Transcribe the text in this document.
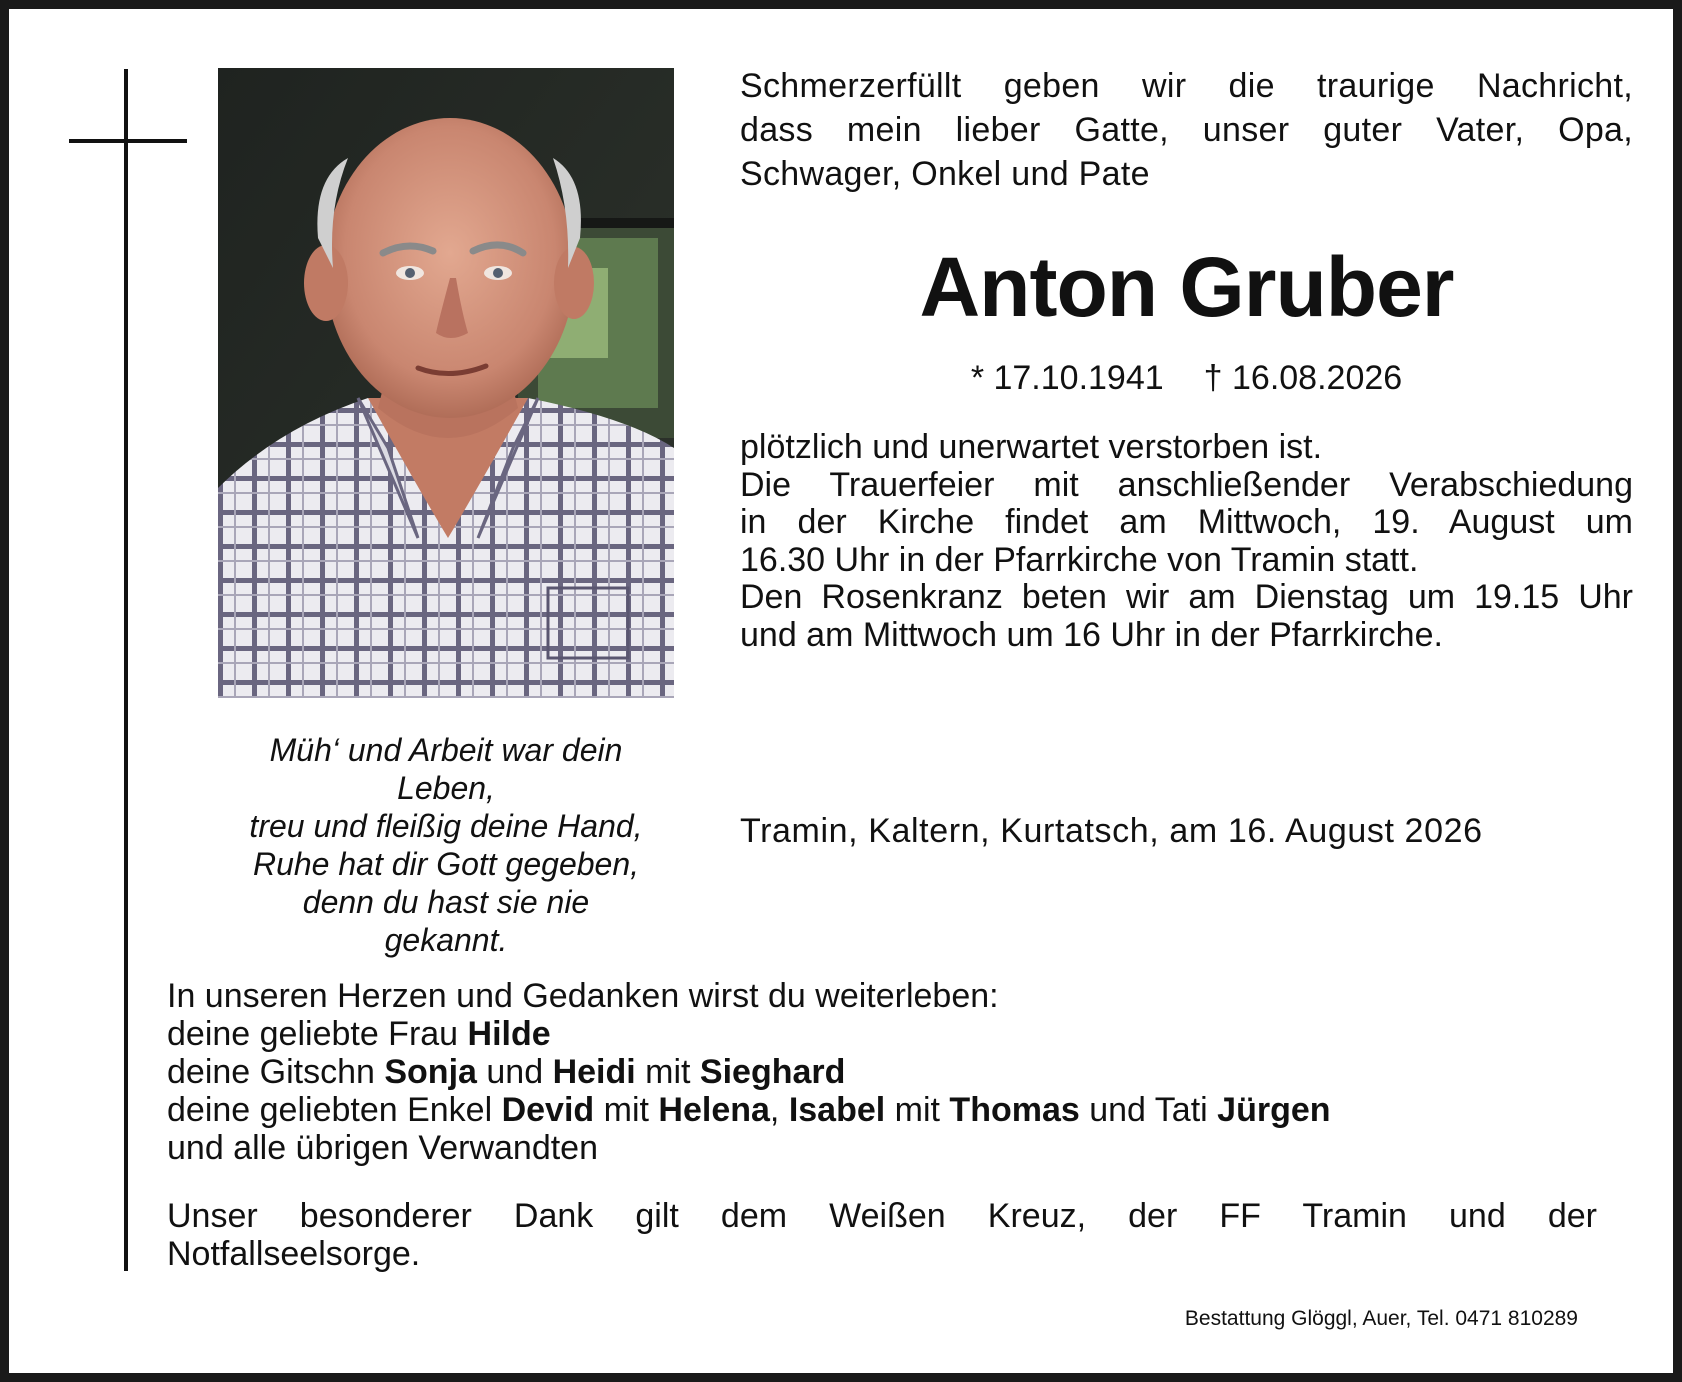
Schmerzerfüllt geben wir die traurige Nachricht,
dass mein lieber Gatte, unser guter Vater, Opa,
Schwager, Onkel und Pate
Anton Gruber
* 17.10.1941 † 16.08.2026
plötzlich und unerwartet verstorben ist.
Die Trauerfeier mit anschließender Verabschiedung
in der Kirche findet am Mittwoch, 19. August um
16.30 Uhr in der Pfarrkirche von Tramin statt.
Den Rosenkranz beten wir am Dienstag um 19.15 Uhr
und am Mittwoch um 16 Uhr in der Pfarrkirche.
Müh‘ und Arbeit war dein
Leben,
treu und fleißig deine Hand,
Ruhe hat dir Gott gegeben,
denn du hast sie nie
gekannt.
Tramin, Kaltern, Kurtatsch, am 16. August 2026
In unseren Herzen und Gedanken wirst du weiterleben:
deine geliebte Frau Hilde
deine Gitschn Sonja und Heidi mit Sieghard
deine geliebten Enkel Devid mit Helena, Isabel mit Thomas und Tati Jürgen
und alle übrigen Verwandten
Unser besonderer Dank gilt dem Weißen Kreuz, der FF Tramin und der
Notfallseelsorge.
Bestattung Glöggl, Auer, Tel. 0471 810289
